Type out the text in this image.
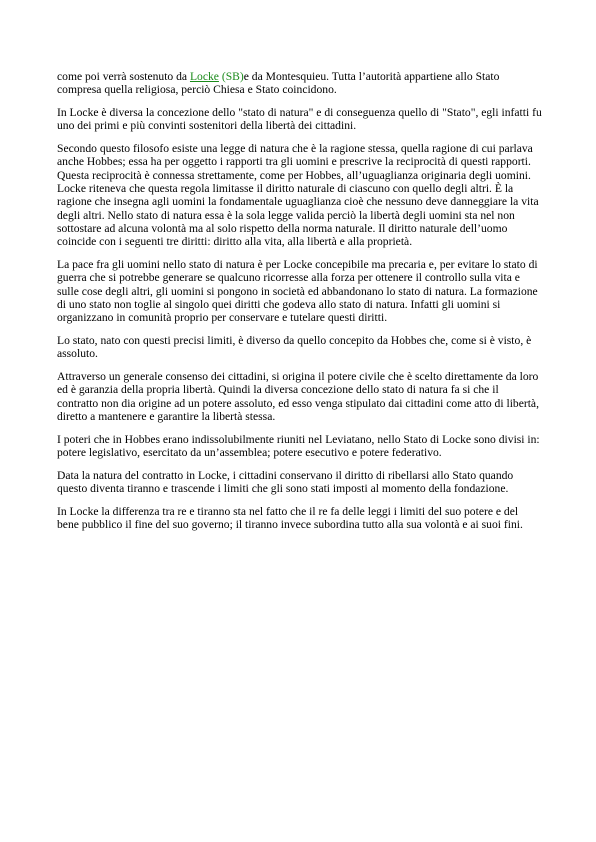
come poi verrà sostenuto da Locke (SB)e da Montesquieu. Tutta l’autorità appartiene allo Stato compresa quella religiosa, perciò Chiesa e Stato coincidono.

In Locke è diversa la concezione dello "stato di natura" e di conseguenza quello di "Stato", egli infatti fu uno dei primi e più convinti sostenitori della libertà dei cittadini.

Secondo questo filosofo esiste una legge di natura che è la ragione stessa, quella ragione di cui parlava anche Hobbes; essa ha per oggetto i rapporti tra gli uomini e prescrive la reciprocità di questi rapporti. Questa reciprocità è connessa strettamente, come per Hobbes, all’uguaglianza originaria degli uomini. Locke riteneva che questa regola limitasse il diritto naturale di ciascuno con quello degli altri. È la ragione che insegna agli uomini la fondamentale uguaglianza cioè che nessuno deve danneggiare la vita degli altri. Nello stato di natura essa è la sola legge valida perciò la libertà degli uomini sta nel non sottostare ad alcuna volontà ma al solo rispetto della norma naturale. Il diritto naturale dell’uomo coincide con i seguenti tre diritti: diritto alla vita, alla libertà e alla proprietà.

La pace fra gli uomini nello stato di natura è per Locke concepibile ma precaria e, per evitare lo stato di guerra che si potrebbe generare se qualcuno ricorresse alla forza per ottenere il controllo sulla vita e sulle cose degli altri, gli uomini si pongono in società ed abbandonano lo stato di natura. La formazione di uno stato non toglie al singolo quei diritti che godeva allo stato di natura. Infatti gli uomini si organizzano in comunità proprio per conservare e tutelare questi diritti.

Lo stato, nato con questi precisi limiti, è diverso da quello concepito da Hobbes che, come si è visto, è assoluto.

Attraverso un generale consenso dei cittadini, si origina il potere civile che è scelto direttamente da loro ed è garanzia della propria libertà. Quindi la diversa concezione dello stato di natura fa si che il contratto non dia origine ad un potere assoluto, ed esso venga stipulato dai cittadini come atto di libertà, diretto a mantenere e garantire la libertà stessa.

I poteri che in Hobbes erano indissolubilmente riuniti nel Leviatano, nello Stato di Locke sono divisi in: potere legislativo, esercitato da un’assemblea; potere esecutivo e potere federativo.

Data la natura del contratto in Locke, i cittadini conservano il diritto di ribellarsi allo Stato quando questo diventa tiranno e trascende i limiti che gli sono stati imposti al momento della fondazione.

In Locke la differenza tra re e tiranno sta nel fatto che il re fa delle leggi i limiti del suo potere e del bene pubblico il fine del suo governo; il tiranno invece subordina tutto alla sua volontà e ai suoi fini.
